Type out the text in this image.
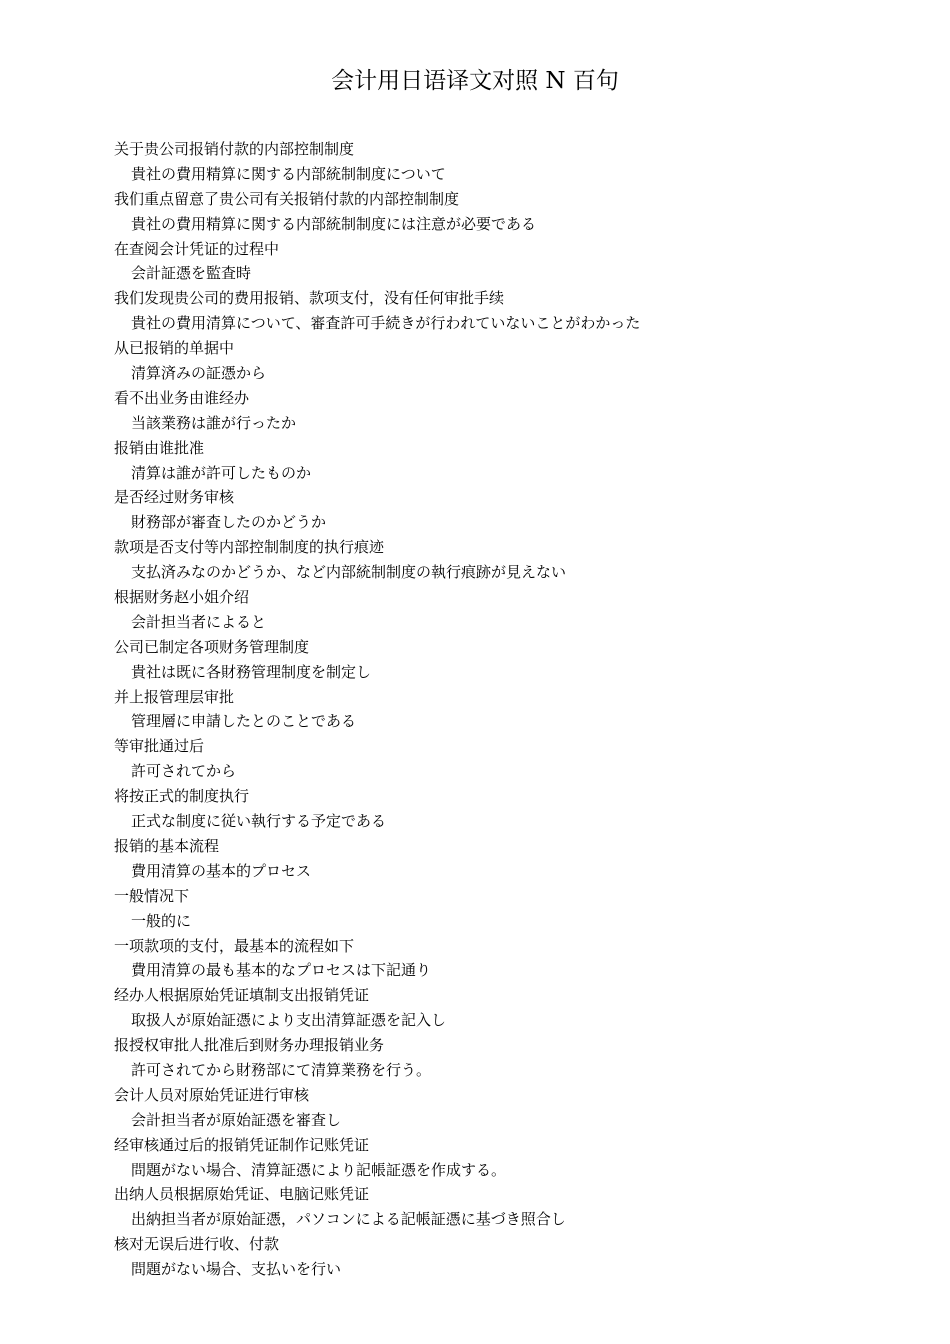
会计用日语译文对照 N 百句
关于贵公司报销付款的内部控制制度
貴社の費用精算に関する内部統制制度について
我们重点留意了贵公司有关报销付款的内部控制制度
貴社の費用精算に関する内部統制制度には注意が必要である
在查阅会计凭证的过程中
会計証憑を監査時
我们发现贵公司的费用报销、款项支付，没有任何审批手续
貴社の費用清算について、審査許可手続きが行われていないことがわかった
从已报销的单据中
清算済みの証憑から
看不出业务由谁经办
当該業務は誰が行ったか
报销由谁批准
清算は誰が許可したものか
是否经过财务审核
財務部が審査したのかどうか
款项是否支付等内部控制制度的执行痕迹
支払済みなのかどうか、など内部統制制度の執行痕跡が見えない
根据财务赵小姐介绍
会計担当者によると
公司已制定各项财务管理制度
貴社は既に各財務管理制度を制定し
并上报管理层审批
管理層に申請したとのことである
等审批通过后
許可されてから
将按正式的制度执行
正式な制度に従い執行する予定である
报销的基本流程
費用清算の基本的プロセス
一般情况下
一般的に
一项款项的支付，最基本的流程如下
費用清算の最も基本的なプロセスは下記通り
经办人根据原始凭证填制支出报销凭证
取扱人が原始証憑により支出清算証憑を記入し
报授权审批人批准后到财务办理报销业务
許可されてから財務部にて清算業務を行う。
会计人员对原始凭证进行审核
会計担当者が原始証憑を審査し
经审核通过后的报销凭证制作记账凭证
問題がない場合、清算証憑により記帳証憑を作成する。
出纳人员根据原始凭证、电脑记账凭证
出納担当者が原始証憑，パソコンによる記帳証憑に基づき照合し
核对无误后进行收、付款
問題がない場合、支払いを行い
